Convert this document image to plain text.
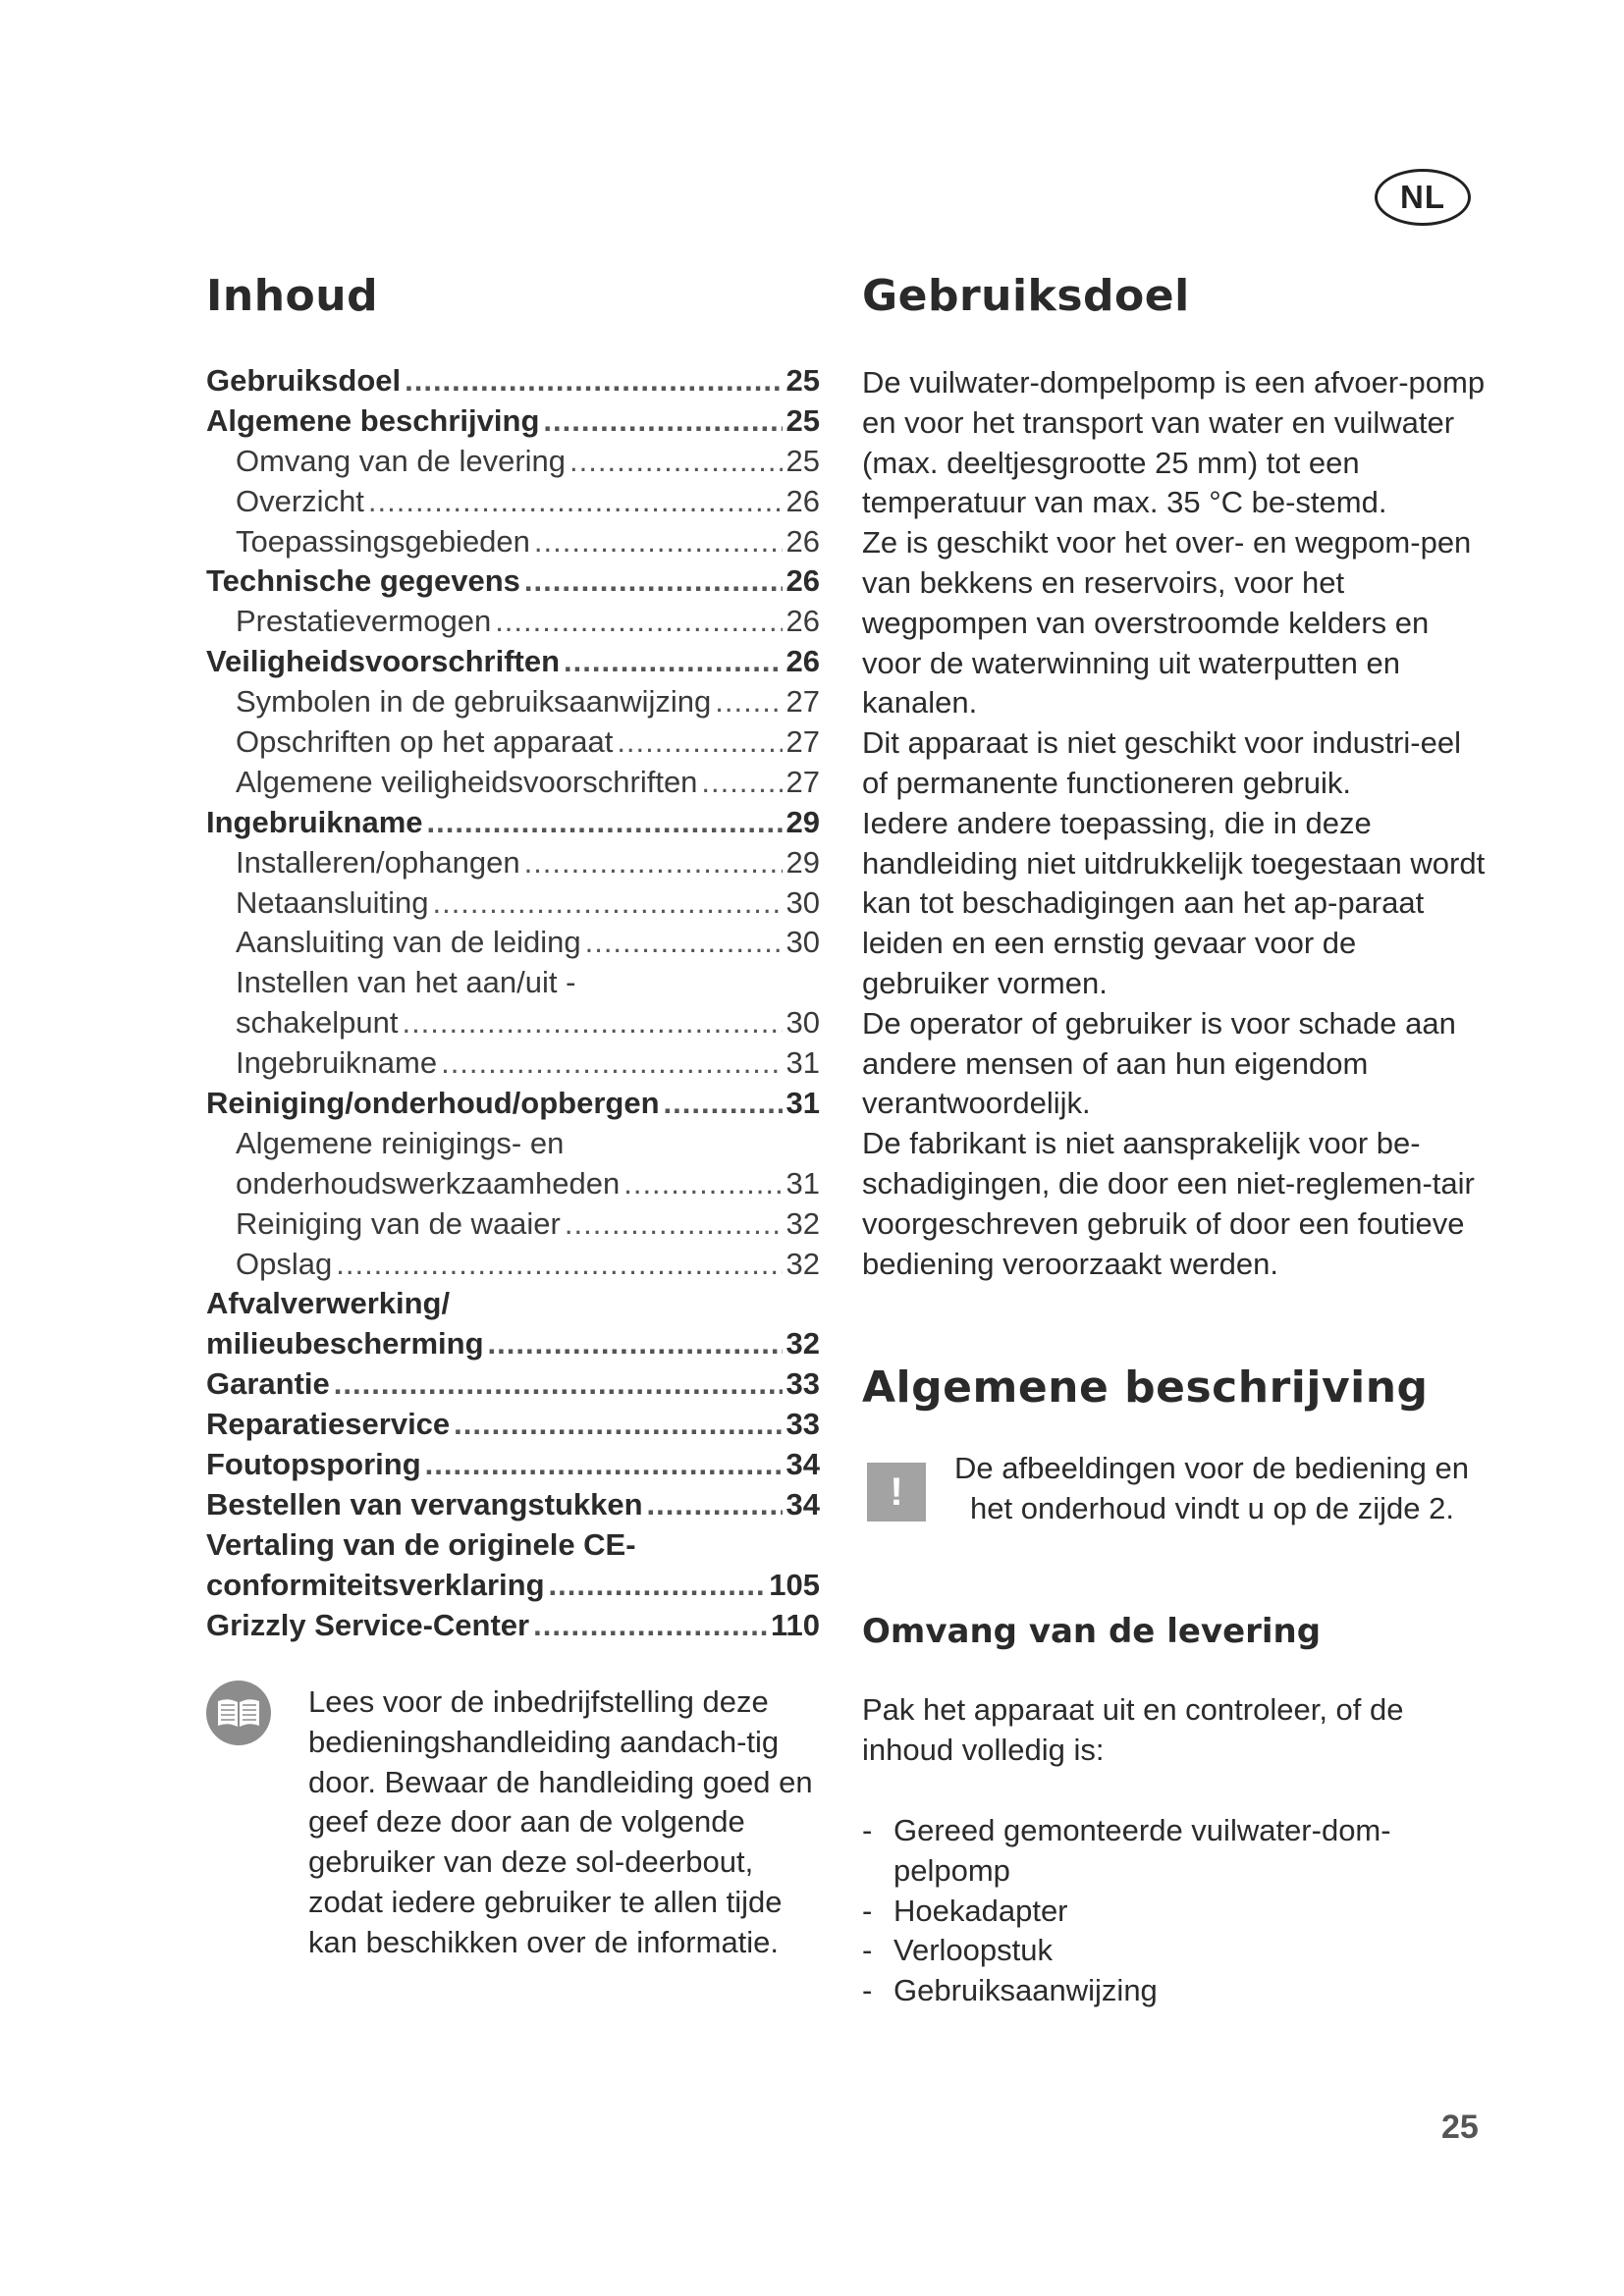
NL
Inhoud
Gebruiksdoel .....	25
Algemene beschrijving .....	25
Omvang van de levering .....	25
Overzicht .....	26
Toepassingsgebieden .....	26
Technische gegevens .....	26
Prestatievermogen .....	26
Veiligheidsvoorschriften .....	26
Symbolen in de gebruiksaanwijzing ..... 27
Opschriften op het apparaat .....	27
Algemene veiligheidsvoorschriften .....	27
Ingebruikname .....	29
Installeren/ophangen .....	29
Netaansluiting .....	30
Aansluiting van de leiding .....	30
Instellen van het aan/uit -
schakelpunt .....	30
Ingebruikname .....	31
Reiniging/onderhoud/opbergen .....	31
Algemene reinigings- en
onderhoudswerkzaamheden .....	31
Reiniging van de waaier .....	32
Opslag .....	32
Afvalverwerking/
milieubescherming .....	32
Garantie .....	33
Reparatieservice .....	33
Foutopsporing .....	34
Bestellen van vervangstukken .....	34
Vertaling van de originele CE-
conformiteitsverklaring .....	105
Grizzly Service-Center .....	110

Lees voor de inbedrijfstelling deze bedieningshandleiding aandach-tig door. Bewaar de handleiding goed en geef deze door aan de volgende gebruiker van deze sol-deerbout, zodat iedere gebruiker te allen tijde kan beschikken over de informatie.

Gebruiksdoel

De vuilwater-dompelpomp is een afvoer-pomp en voor het transport van water en vuilwater (max. deeltjesgrootte 25 mm) tot een temperatuur van max. 35 °C be-stemd.

Ze is geschikt voor het over- en wegpom-pen van bekkens en reservoirs, voor het wegpompen van overstroomde kelders en voor de waterwinning uit waterputten en kanalen.

Dit apparaat is niet geschikt voor industri-eel of permanente functioneren gebruik.

Iedere andere toepassing, die in deze handleiding niet uitdrukkelijk toegestaan wordt kan tot beschadigingen aan het ap-paraat leiden en een ernstig gevaar voor de gebruiker vormen.

De operator of gebruiker is voor schade aan andere mensen of aan hun eigendom verantwoordelijk.

De fabrikant is niet aansprakelijk voor be-schadigingen, die door een niet-reglemen-tair voorgeschreven gebruik of door een foutieve bediening veroorzaakt werden.

Algemene beschrijving
!

De afbeeldingen voor de bediening en het onderhoud vindt u op de zijde 2.

Omvang van de levering

Pak het apparaat uit en controleer, of de inhoud volledig is:

- Gereed gemonteerde vuilwater-dom-pelpomp
- Hoekadapter
- Verloopstuk
- Gebruiksaanwijzing
25
